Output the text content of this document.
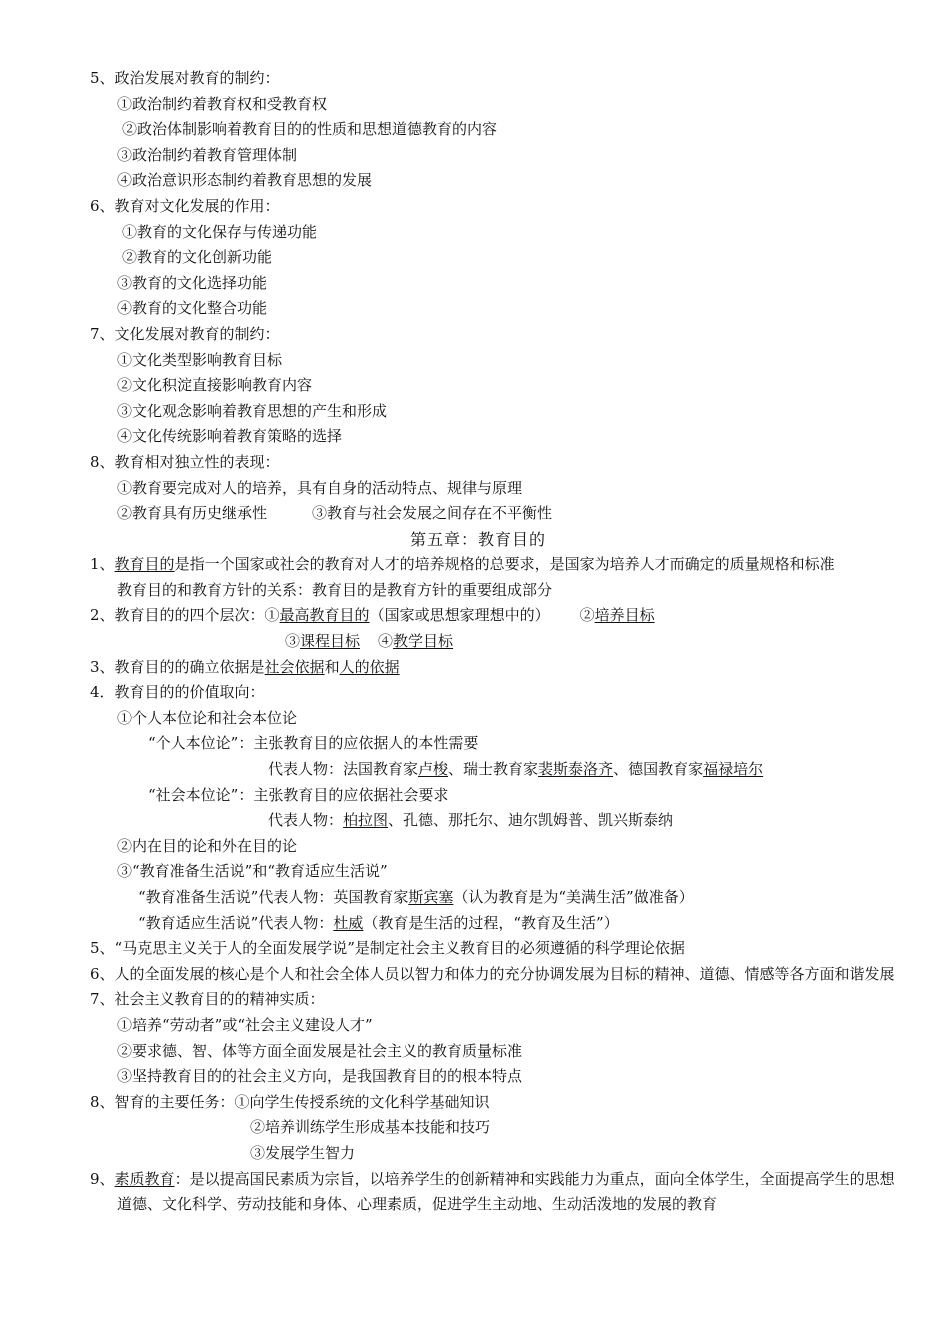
5、政治发展对教育的制约：
①政治制约着教育权和受教育权
②政治体制影响着教育目的的性质和思想道德教育的内容
③政治制约着教育管理体制
④政治意识形态制约着教育思想的发展
6、教育对文化发展的作用：
①教育的文化保存与传递功能
②教育的文化创新功能
③教育的文化选择功能
④教育的文化整合功能
7、文化发展对教育的制约：
①文化类型影响教育目标
②文化积淀直接影响教育内容
③文化观念影响着教育思想的产生和形成
④文化传统影响着教育策略的选择
8、教育相对独立性的表现：
①教育要完成对人的培养，具有自身的活动特点、规律与原理
②教育具有历史继承性	③教育与社会发展之间存在不平衡性
第五章：教育目的
1、教育目的是指一个国家或社会的教育对人才的培养规格的总要求，是国家为培养人才而确定的质量规格和标准
教育目的和教育方针的关系：教育目的是教育方针的重要组成部分
2、教育目的的四个层次：①最高教育目的（国家或思想家理想中的） ②培养目标
③课程目标 ④教学目标
3、教育目的的确立依据是社会依据和人的依据
4．教育目的的价值取向：
①个人本位论和社会本位论
“个人本位论”：主张教育目的应依据人的本性需要
代表人物：法国教育家卢梭、瑞士教育家裴斯泰洛齐、德国教育家福禄培尔
“社会本位论”：主张教育目的应依据社会要求
代表人物：柏拉图、孔德、那托尔、迪尔凯姆普、凯兴斯泰纳
②内在目的论和外在目的论
③“教育准备生活说”和“教育适应生活说”
“教育准备生活说”代表人物：英国教育家斯宾塞（认为教育是为“美满生活”做准备）
“教育适应生活说”代表人物：杜威（教育是生活的过程，“教育及生活”）
5、“马克思主义关于人的全面发展学说”是制定社会主义教育目的必须遵循的科学理论依据
6、人的全面发展的核心是个人和社会全体人员以智力和体力的充分协调发展为目标的精神、道德、情感等各方面和谐发展
7、社会主义教育目的的精神实质：
①培养“劳动者”或“社会主义建设人才”
②要求德、智、体等方面全面发展是社会主义的教育质量标准
③坚持教育目的的社会主义方向，是我国教育目的的根本特点
8、智育的主要任务：①向学生传授系统的文化科学基础知识
②培养训练学生形成基本技能和技巧
③发展学生智力
9、素质教育：是以提高国民素质为宗旨，以培养学生的创新精神和实践能力为重点，面向全体学生，全面提高学生的思想道德、文化科学、劳动技能和身体、心理素质，促进学生主动地、生动活泼地的发展的教育
